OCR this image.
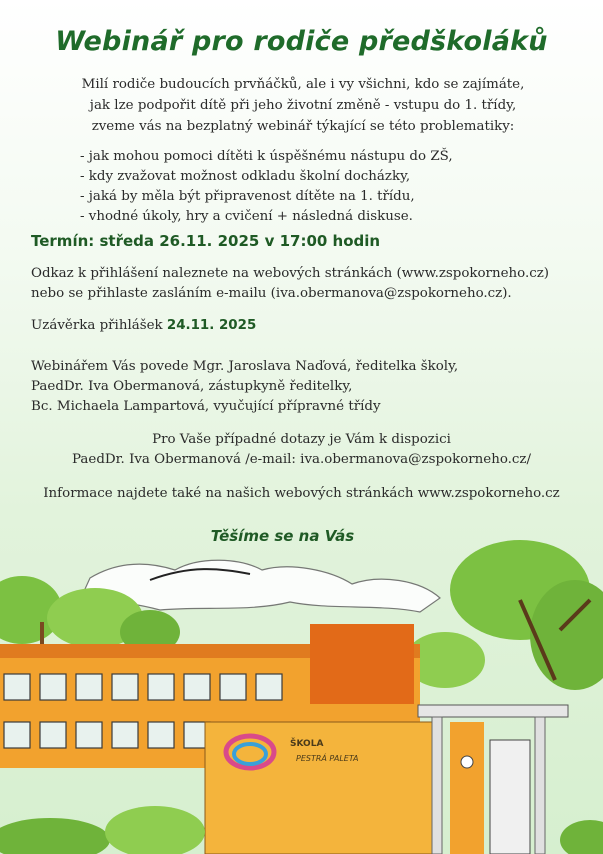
Webinář pro rodiče předškoláků
Milí rodiče budoucích prvňáčků, ale i vy všichni, kdo se zajímáte,
jak lze podpořit dítě při jeho životní změně - vstupu do 1. třídy,
zveme vás na bezplatný webinář týkající se této problematiky:
- jak mohou pomoci dítěti k úspěšnému nástupu do ZŠ,
- kdy zvažovat možnost odkladu školní docházky,
- jaká by měla být připravenost dítěte na 1. třídu,
- vhodné úkoly, hry a cvičení + následná diskuse.
Termín: středa 26.11. 2025 v 17:00 hodin
Odkaz k přihlášení naleznete na webových stránkách (www.zspokorneho.cz)
nebo se přihlaste zasláním e-mailu (iva.obermanova@zspokorneho.cz).
Uzávěrka přihlášek 24.11. 2025
Webinářem Vás povede Mgr. Jaroslava Naďová, ředitelka školy,
PaedDr. Iva Obermanová, zástupkyně ředitelky,
Bc. Michaela Lampartová, vyučující přípravné třídy
Pro Vaše případné dotazy je Vám k dispozici
PaedDr. Iva Obermanová /e-mail: iva.obermanova@zspokorneho.cz/
Informace najdete také na našich webových stránkách www.zspokorneho.cz
Těšíme se na Vás
ŠKOLA
PESTRÁ PALETA
